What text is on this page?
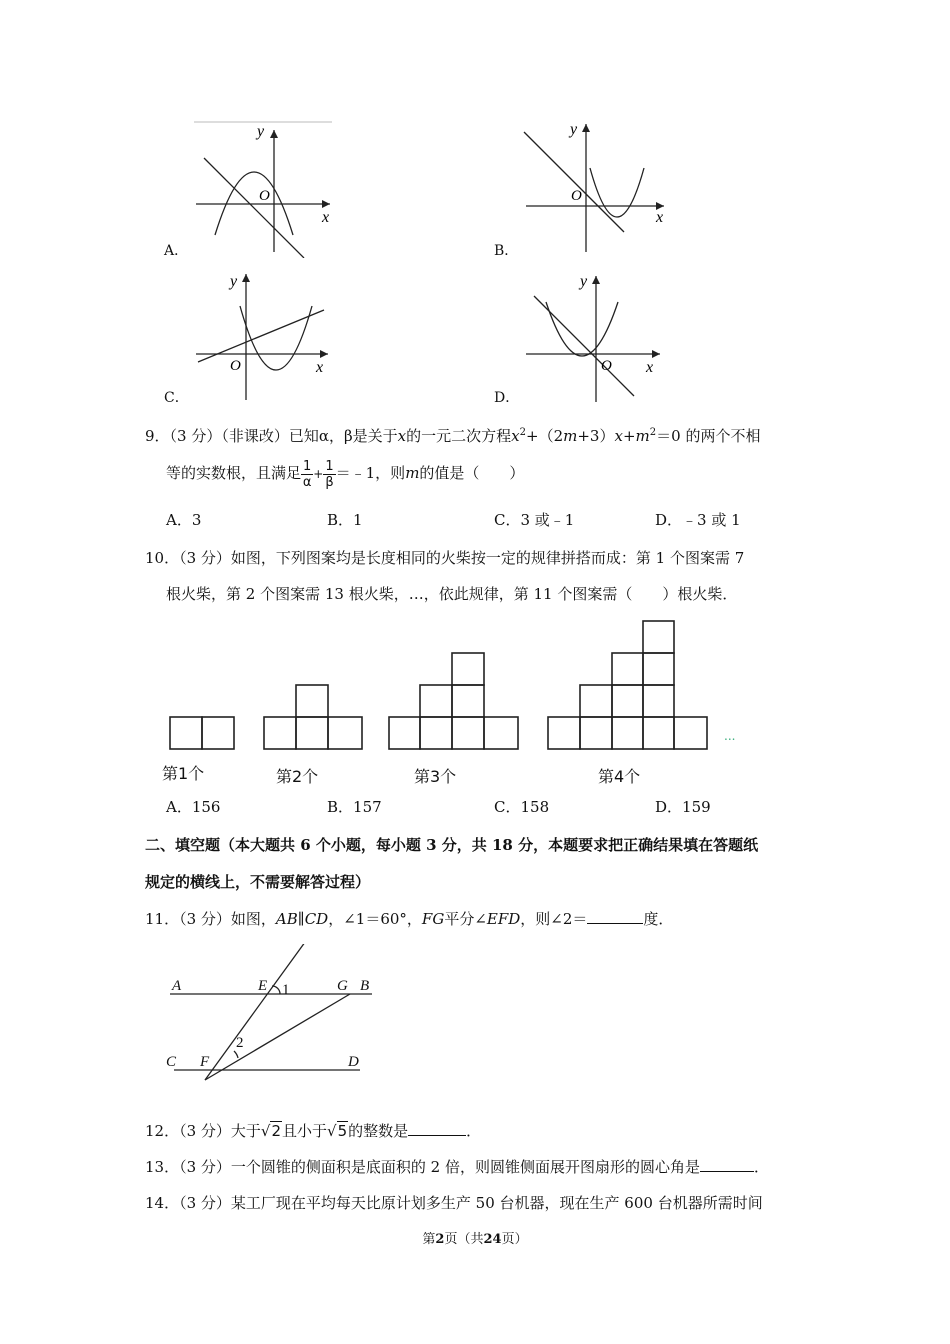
y
x
O
y
x
O
y
x
O
y
x
O
A．	B．
C．	D．
9．（3 分）（非课改）已知α，β是关于x的一元二次方程$x^2+(2m+3)x+m^2=0$ 的两个不相
等的实数根，且满足 $\frac{1}{\alpha} + \frac{1}{\beta}$ ＝﹣1，则m的值是（　　）
A．3	B．1	C．3 或﹣1	D．﹣3 或 1
10．（3 分）如图，下列图案均是长度相同的火柴按一定的规律拼搭而成：第 1 个图案需 7
根火柴，第 2 个图案需 13 根火柴，…，依此规律，第 11 个图案需（　　）根火柴．
...
第1个	第2个	第3个	第4个
A．156	B．157	C．158	D．159
二、填空题（本大题共 6 个小题，每小题 3 分，共 18 分，本题要求把正确结果填在答题纸
规定的横线上，不需要解答过程）
11．（3 分）如图，AB∥CD，∠1＝60°，FG平分∠EFD，则∠2＝	度．
A	E 1	G B
2
C F	D
12．（3 分）大于√2且小于√5的整数是	．
13．（3 分）一个圆锥的侧面积是底面积的 2 倍，则圆锥侧面展开图扇形的圆心角是	．
14．（3 分）某工厂现在平均每天比原计划多生产 50 台机器，现在生产 600 台机器所需时间
第2页（共24页）
